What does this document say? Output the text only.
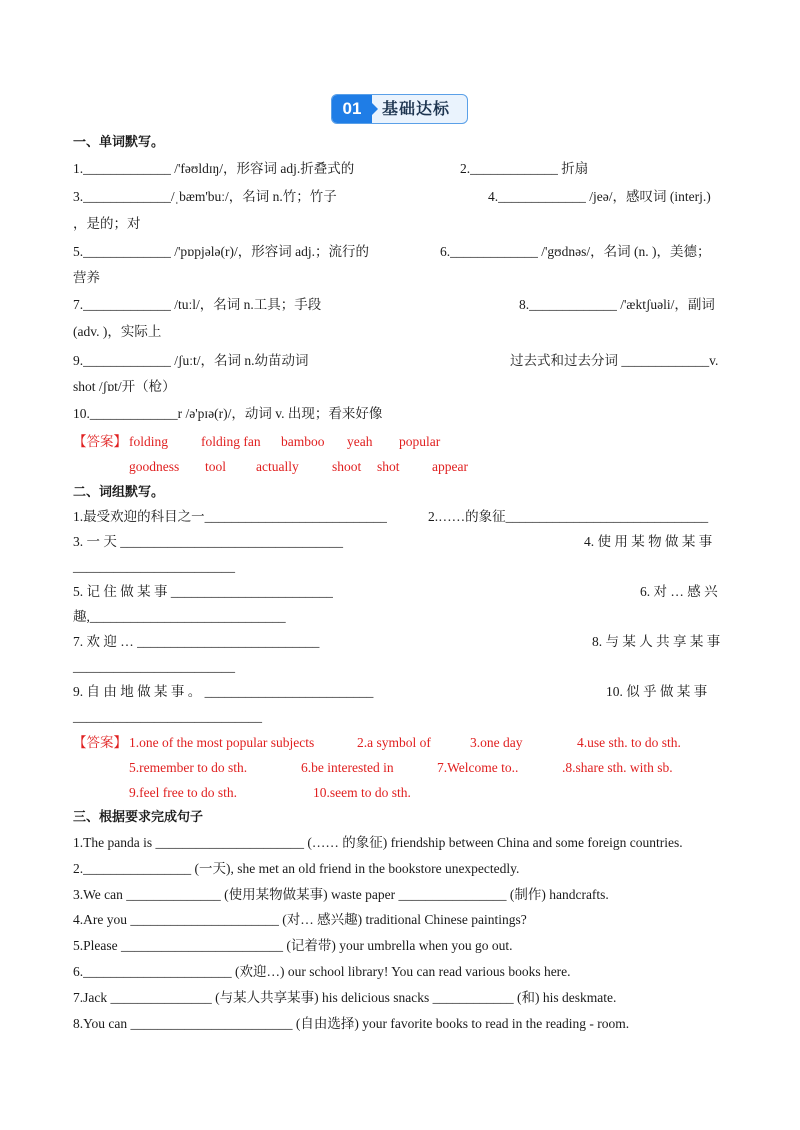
01	基础达标
一、单词默写。
1._____________ /'fəʊldɪŋ/，形容词 adj.折叠式的	2._____________ 折扇
3._____________/ˌbæm'buː/，名词 n.竹；竹子	4._____________ /jeə/，感叹词 (interj.)
，是的；对
5._____________ /'pɒpjələ(r)/，形容词 adj.；流行的	6._____________ /'gʊdnəs/，名词 (n. )，美德；
营养
7._____________ /tuːl/，名词 n.工具；手段	8._____________ /'æktʃuəli/，副词
(adv. )，实际上
9._____________ /ʃuːt/，名词 n.幼苗动词	过去式和过去分词 _____________v.
shot /ʃɒt/开（枪）
10._____________r /ə'pɪə(r)/，动词 v. 出现；看来好像
【答案】 folding folding fan bamboo yeah popular
goodness tool actually shoot shot appear
二、词组默写。
1.最受欢迎的科目之一___________________________	2.……的象征______________________________
3. 一 天 _________________________________	4. 使 用 某 物 做 某 事
________________________
5. 记 住 做 某 事 ________________________	6. 对 … 感 兴
趣,_____________________________
7. 欢 迎 … ___________________________	8. 与 某 人 共 享 某 事
________________________
9. 自 由 地 做 某 事 。 _________________________	10. 似 乎 做 某 事
____________________________
【答案】 1.one of the most popular subjects	2.a symbol of	3.one day	4.use sth. to do sth.
5.remember to do sth.	6.be interested in	7.Welcome to..	.8.share sth. with sb.
9.feel free to do sth.	10.seem to do sth.
三、根据要求完成句子
1.The panda is ______________________ (…… 的象征) friendship between China and some foreign countries.
2.________________ (一天), she met an old friend in the bookstore unexpectedly.
3.We can ______________ (使用某物做某事) waste paper ________________ (制作) handcrafts.
4.Are you ______________________ (对… 感兴趣) traditional Chinese paintings?
5.Please ________________________ (记着带) your umbrella when you go out.
6.______________________ (欢迎…) our school library! You can read various books here.
7.Jack _______________ (与某人共享某事) his delicious snacks ____________ (和) his deskmate.
8.You can ________________________ (自由选择) your favorite books to read in the reading - room.
